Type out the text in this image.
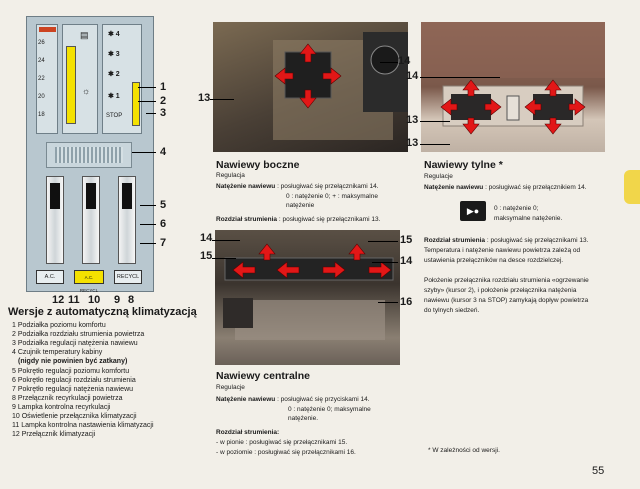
26
24
22
20
18
▤
☼
✱ 4
✱ 3
✱ 2
✱ 1
STOP
A.C.	A.C. RECYCL
RECYCL
1
2
3
4
5
6
7
12 11 10 9 8
Wersje z automatyczną klimatyzacją
1 Podziałka poziomu komfortu
2 Podziałka rozdziału strumienia powietrza
3 Podziałka regulacji natężenia nawiewu
4 Czujnik temperatury kabiny
(nigdy nie powinien być zatkany)
5 Pokrętło regulacji poziomu komfortu
6 Pokrętło regulacji rozdziału strumienia
7 Pokrętło regulacji natężenia nawiewu
8 Przełącznik recyrkulacji powietrza
9 Lampka kontrolna recyrkulacji
10 Oświetlenie przełącznika klimatyzacji
11 Lampka kontrolna nastawienia klimatyzacji
12 Przełącznik klimatyzacji
14
13
Nawiewy boczne
Regulacja
Natężenie nawiewu : posługiwać się przełącznikami 14.
0 : natężenie 0; + : maksymalne
natężenie
Rozdział strumienia : posługiwać się przełącznikami 13.
14	15
15	14
16
Nawiewy centralne
Regulacje
Natężenie nawiewu : posługiwać się przyciskami 14.
0 : natężenie 0; maksymalne
natężenie.
Rozdział strumienia:
- w pionie : posługiwać się przełącznikami 15.
- w poziomie : posługiwać się przełącznikami 16.
14
13
13
Nawiewy tylne *
Regulacje
Natężenie nawiewu : posługiwać się przełącznikiem 14.
▶●	0 : natężenie 0;
maksymalne natężenie.
Rozdział strumienia : posługiwać się przełącznikami 13.
Temperatura i natężenie nawiewu powietrza zależą od
ustawienia przełączników na desce rozdzielczej.
Położenie przełącznika rozdziału strumienia «ogrzewanie
szyby» (kursor 2), i położenie przełącznika natężenia
nawiewu (kursor 3 na STOP) zamykają dopływ powietrza
do tylnych siedzeń.
* W zależności od wersji.
55
